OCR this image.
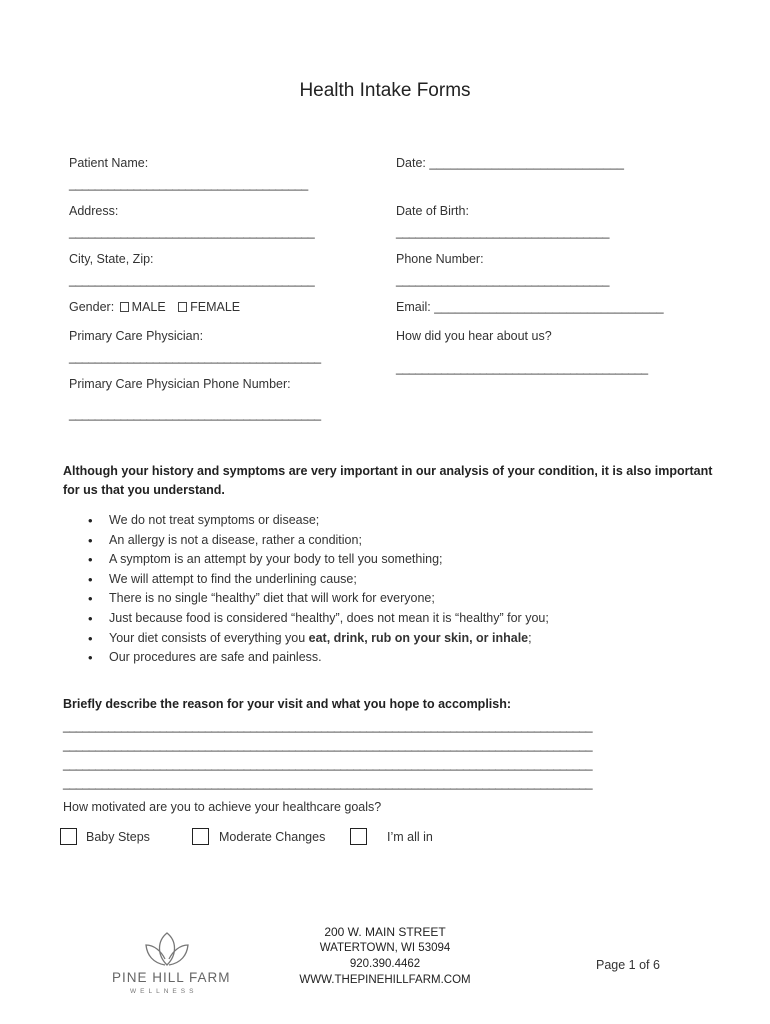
Health Intake Forms
Patient Name:
_____________________________________
Address:
______________________________________
City, State, Zip:
______________________________________
Gender: MALE FEMALE
Primary Care Physician:
_______________________________________
Primary Care Physician Phone Number:
_______________________________________
Date: ____________________________
Date of Birth:
_________________________________
Phone Number:
_________________________________
Email: _________________________________
How did you hear about us?
_______________________________________
Although your history and symptoms are very important in our analysis of your condition, it is also important
for us that you understand.
• We do not treat symptoms or disease;
• An allergy is not a disease, rather a condition;
• A symptom is an attempt by your body to tell you something;
• We will attempt to find the underlining cause;
• There is no single “healthy” diet that will work for everyone;
• Just because food is considered “healthy”, does not mean it is “healthy” for you;
• Your diet consists of everything you eat, drink, rub on your skin, or inhale;
• Our procedures are safe and painless.
Briefly describe the reason for your visit and what you hope to accomplish:
__________________________________________________________________________________
__________________________________________________________________________________
__________________________________________________________________________________
__________________________________________________________________________________
How motivated are you to achieve your healthcare goals?
Baby Steps	Moderate Changes	I’m all in
PINE HILL FARM
WELLNESS
200 W. MAIN STREET
WATERTOWN, WI 53094
920.390.4462
WWW.THEPINEHILLFARM.COM
Page 1 of 6
